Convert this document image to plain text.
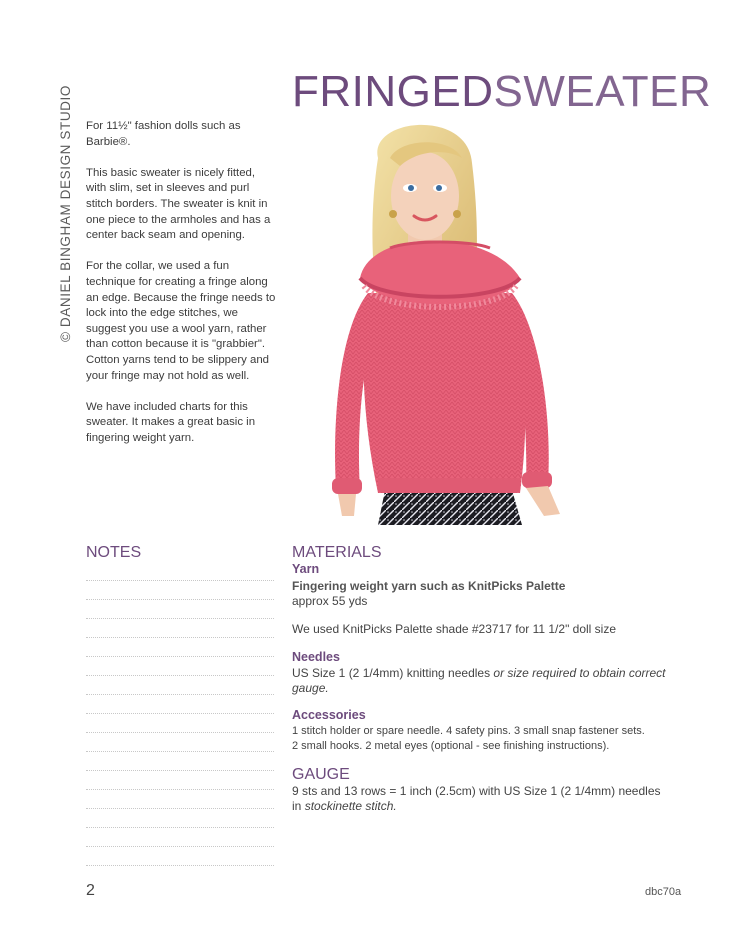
FRINGEDSWEATER
© DANIEL BINGHAM DESIGN STUDIO For 11½" fashion dolls such as Barbie®.

This basic sweater is nicely fitted, with slim, set in sleeves and purl stitch borders. The sweater is knit in one piece to the armholes and has a center back seam and opening.

For the collar, we used a fun technique for creating a fringe along an edge. Because the fringe needs to lock into the edge stitches, we suggest you use a wool yarn, rather than cotton because it is "grabbier". Cotton yarns tend to be slippery and your fringe may not hold as well.

We have included charts for this sweater. It makes a great basic in fingering weight yarn.

NOTES	MATERIALS

Yarn

Fingering weight yarn such as KnitPicks Palette

approx 55 yds

We used KnitPicks Palette shade #23717 for 11 1/2" doll size

Needles

US Size 1 (2 1/4mm) knitting needles or size required to obtain correct gauge.

Accessories

1 stitch holder or spare needle. 4 safety pins. 3 small snap fastener sets.

2 small hooks. 2 metal eyes (optional - see finishing instructions).

GAUGE

9 sts and 13 rows = 1 inch (2.5cm) with US Size 1 (2 1/4mm) needles in stockinette stitch.

2	dbc70a
